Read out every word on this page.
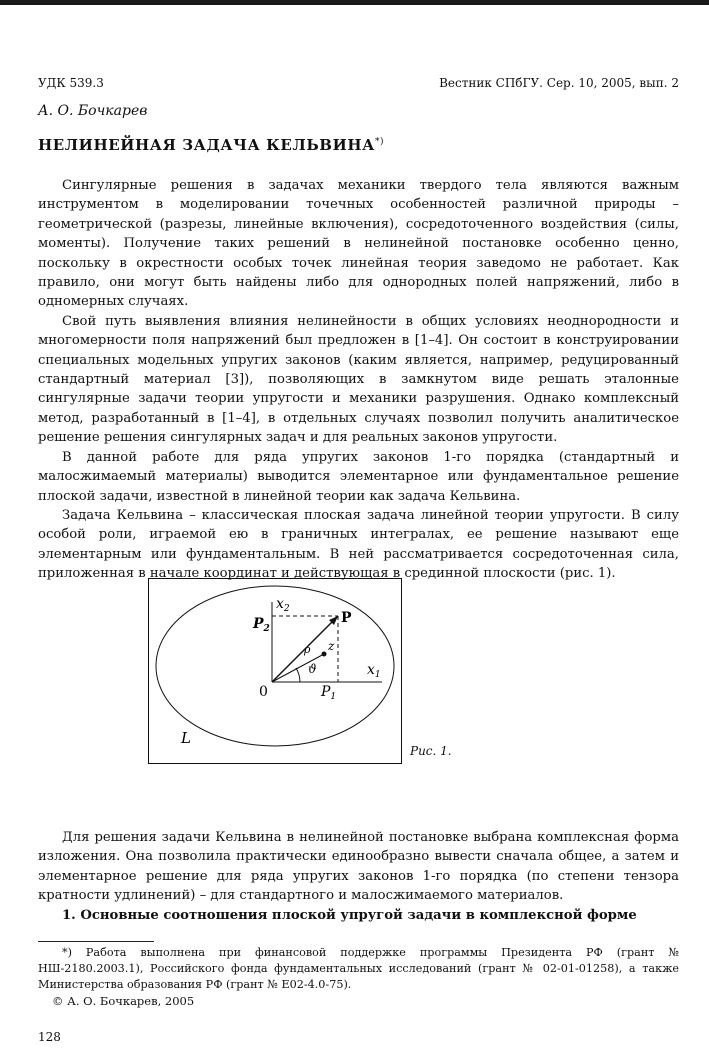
УДК 539.3	Вестник СПбГУ. Сер. 10, 2005, вып. 2
А. О. Бочкарев
НЕЛИНЕЙНАЯ ЗАДАЧА КЕЛЬВИНА*)

Сингулярные решения в задачах механики твердого тела являются важным инструментом в моделировании точечных особенностей различной природы – геометрической (разрезы, линейные включения), сосредоточенного воздействия (силы, моменты). Получение таких решений в нелинейной постановке особенно ценно, поскольку в окрестности особых точек линейная теория заведомо не работает. Как правило, они могут быть найдены либо для однородных полей напряжений, либо в одномерных случаях.

Свой путь выявления влияния нелинейности в общих условиях неоднородности и многомерности поля напряжений был предложен в [1–4]. Он состоит в конструировании специальных модельных упругих законов (каким является, например, редуцированный стандартный материал [3]), позволяющих в замкнутом виде решать эталонные сингулярные задачи теории упругости и механики разрушения. Однако комплексный метод, разработанный в [1–4], в отдельных случаях позволил получить аналитическое решение решения сингулярных задач и для реальных законов упругости.

В данной работе для ряда упругих законов 1-го порядка (стандартный и малосжимаемый материалы) выводится элементарное или фундаментальное решение плоской задачи, известной в линейной теории как задача Кельвина.

Задача Кельвина – классическая плоская задача линейной теории упругости. В силу особой роли, играемой ею в граничных интегралах, ее решение называют еще элементарным или фундаментальным. В ней рассматривается сосредоточенная сила, приложенная в начале координат и действующая в срединной плоскости (рис. 1).

$x_2$
$P_2$
P
z
ρ
ϑ	$x_1$
0	$P_1$
L
Рис. 1.

Для решения задачи Кельвина в нелинейной постановке выбрана комплексная форма изложения. Она позволила практически единообразно вывести сначала общее, а затем и элементарное решение для ряда упругих законов 1-го порядка (по степени тензора кратности удлинений) – для стандартного и малосжимаемого материалов.

1. Основные соотношения плоской упругой задачи в комплексной форме

*) Работа выполнена при финансовой поддержке программы Президента РФ (грант № НШ-2180.2003.1), Российского фонда фундаментальных исследований (грант № 02-01-01258), а также Министерства образования РФ (грант № Е02-4.0-75).

© А. О. Бочкарев, 2005
128
